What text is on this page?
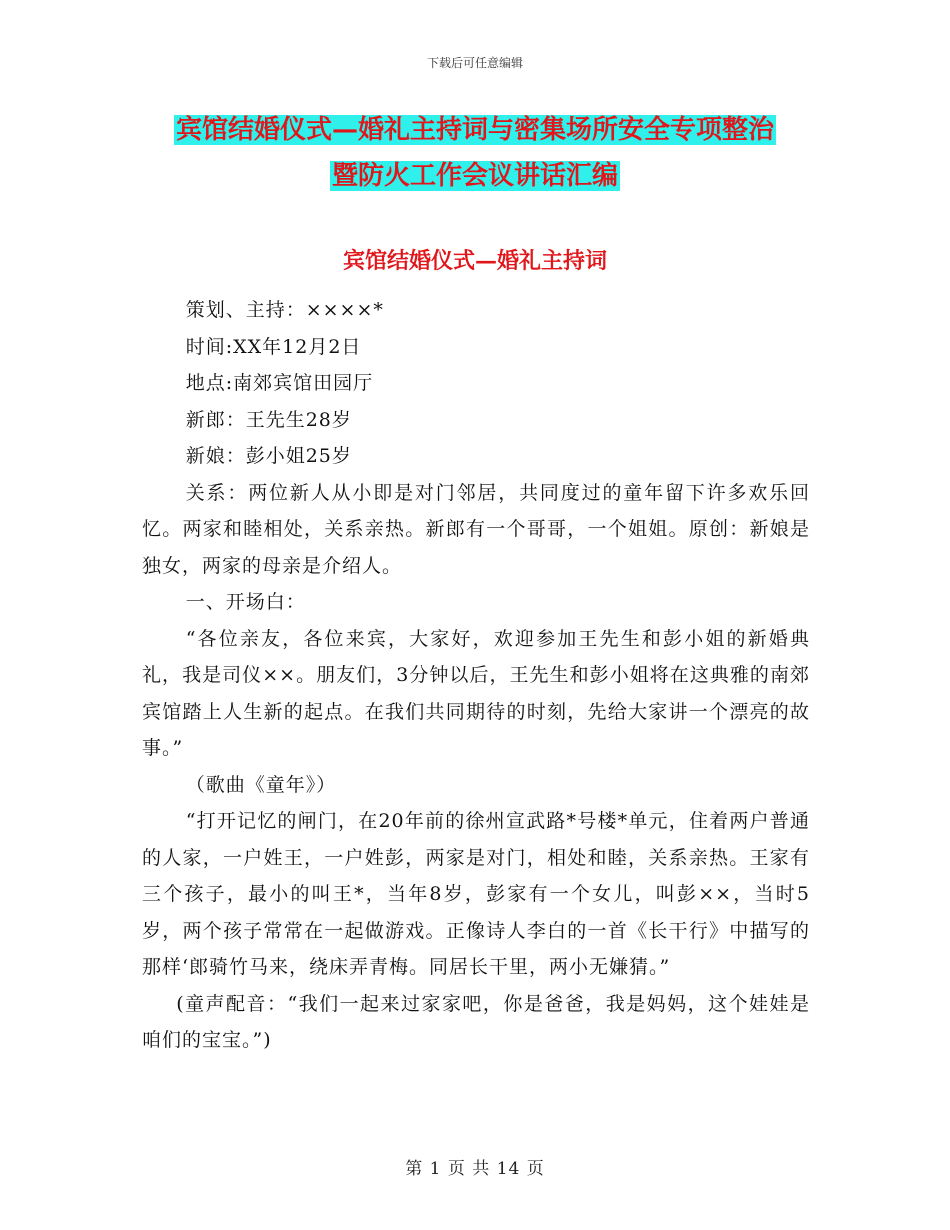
下载后可任意编辑
宾馆结婚仪式—婚礼主持词与密集场所安全专项整治
暨防火工作会议讲话汇编
宾馆结婚仪式—婚礼主持词

策划、主持：××××*

时间:XX年12月2日

地点:南郊宾馆田园厅

新郎：王先生28岁

新娘：彭小姐25岁

关系：两位新人从小即是对门邻居，共同度过的童年留下许多欢乐回忆。两家和睦相处，关系亲热。新郎有一个哥哥，一个姐姐。原创：新娘是独女，两家的母亲是介绍人。

一、开场白：

“各位亲友，各位来宾，大家好，欢迎参加王先生和彭小姐的新婚典礼，我是司仪××。朋友们，3分钟以后，王先生和彭小姐将在这典雅的南郊宾馆踏上人生新的起点。在我们共同期待的时刻，先给大家讲一个漂亮的故事。”

（歌曲《童年》）

“打开记忆的闸门，在20年前的徐州宣武路*号楼*单元，住着两户普通的人家，一户姓王，一户姓彭，两家是对门，相处和睦，关系亲热。王家有三个孩子，最小的叫王*，当年8岁，彭家有一个女儿，叫彭××，当时5岁，两个孩子常常在一起做游戏。正像诗人李白的一首《长干行》中描写的那样‘郎骑竹马来，绕床弄青梅。同居长干里，两小无嫌猜。”

(童声配音：“我们一起来过家家吧，你是爸爸，我是妈妈，这个娃娃是咱们的宝宝。”)

第 1 页 共 14 页
